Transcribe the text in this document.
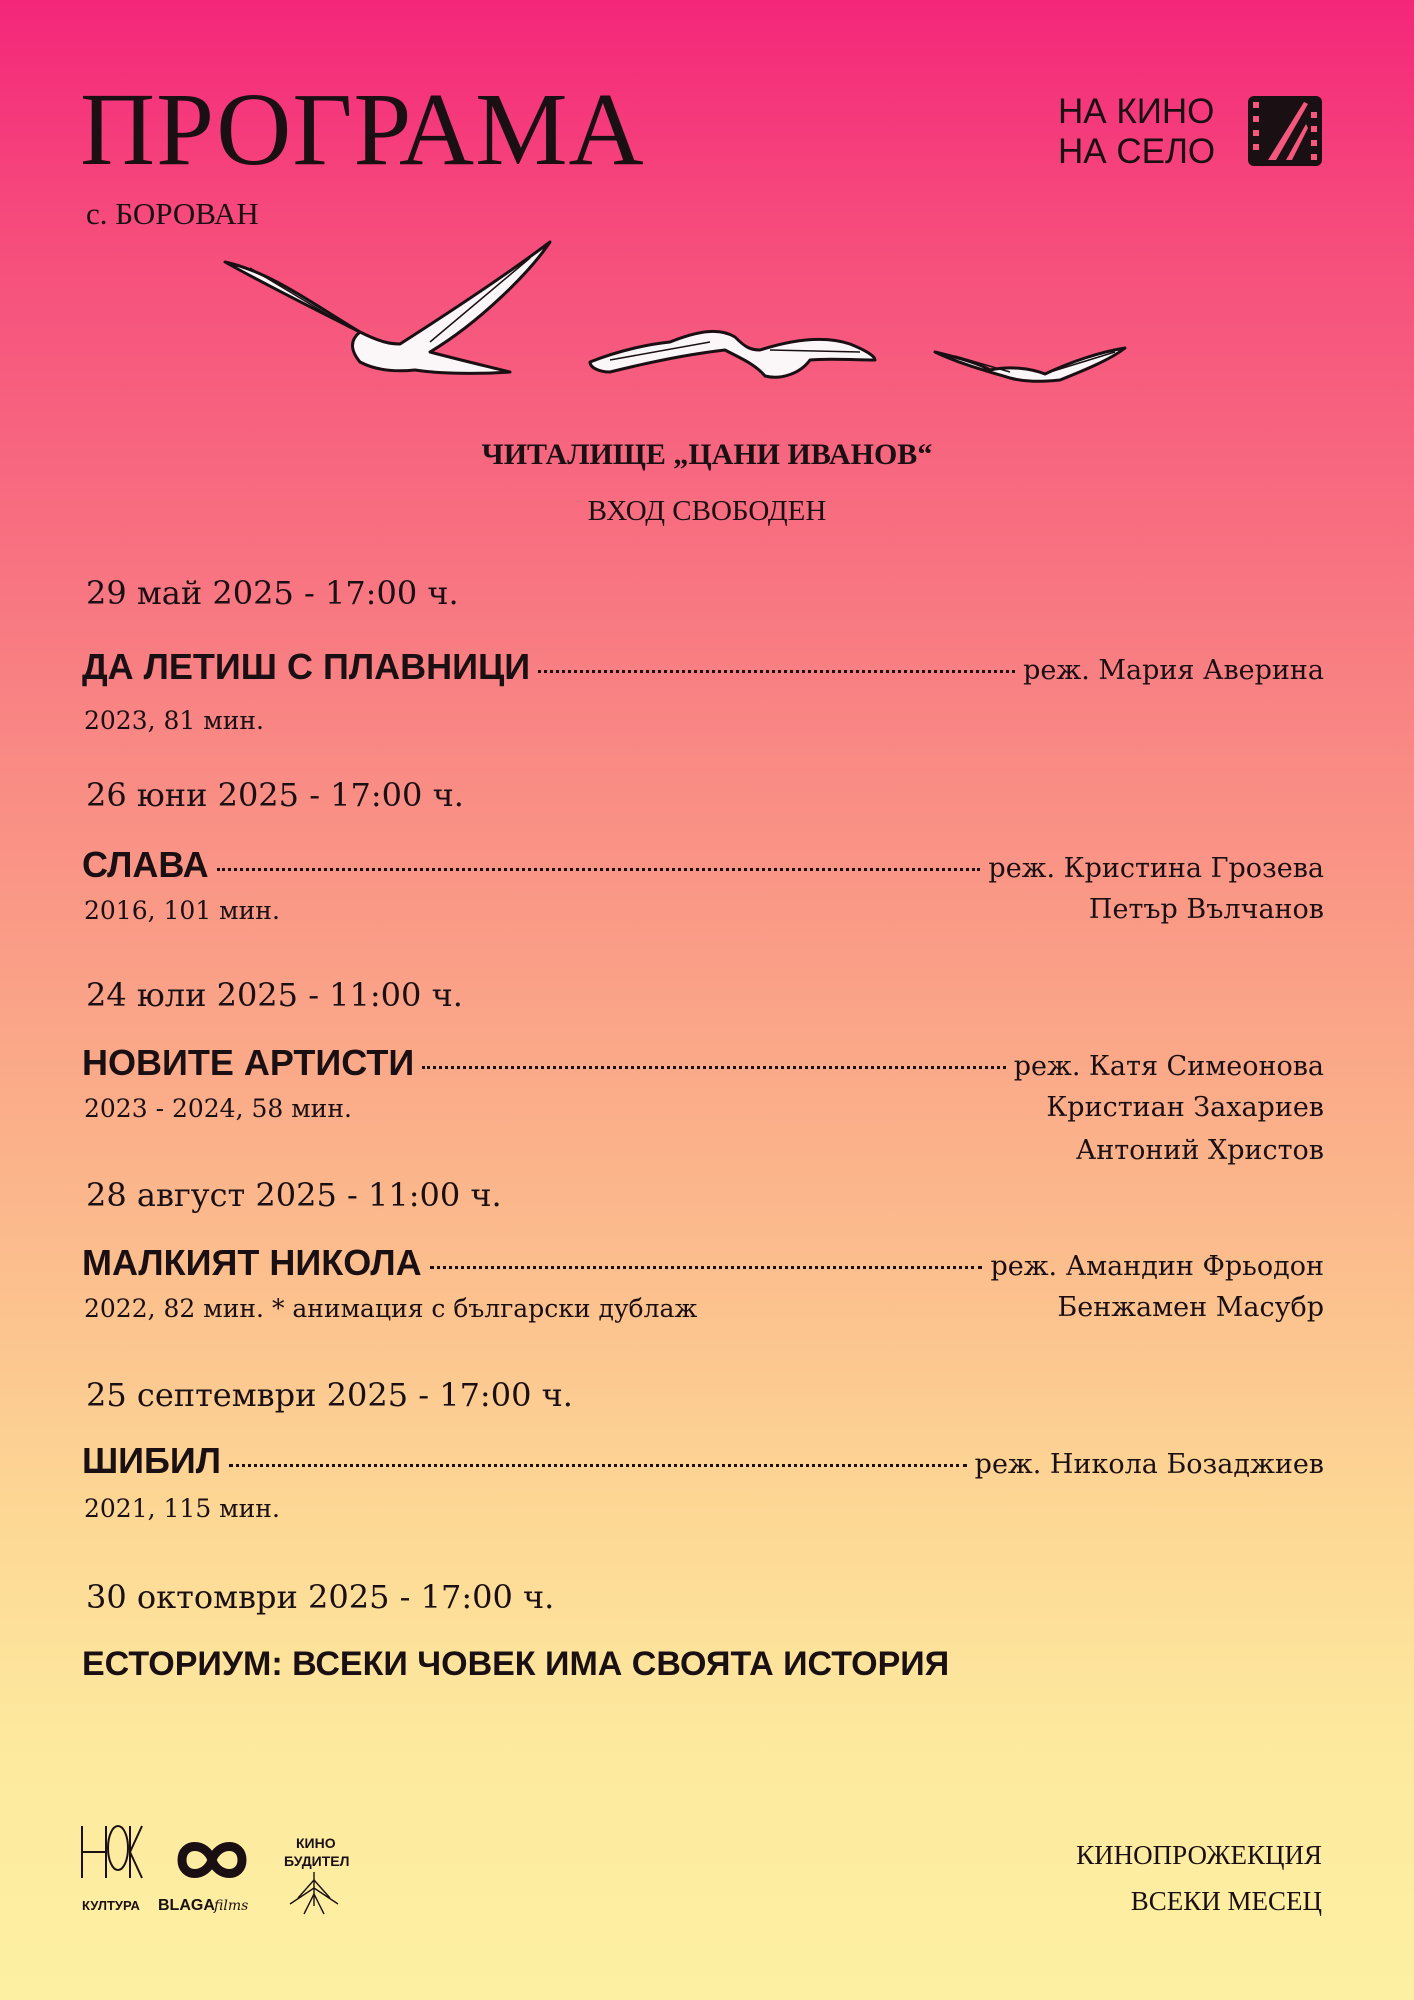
ПРОГРАМА
с. БОРОВАН
НА КИНО
НА СЕЛО
ЧИТАЛИЩЕ „ЦАНИ ИВАНОВ“
ВХОД СВОБОДЕН
29 май 2025 - 17:00 ч.
ДА ЛЕТИШ С ПЛАВНИЦИ	реж. Мария Аверина
2023, 81 мин.
26 юни 2025 - 17:00 ч.
СЛАВА	реж. Кристина Грозева
2016, 101 мин.	Петър Вълчанов
24 юли 2025 - 11:00 ч.
НОВИТЕ АРТИСТИ	реж. Катя Симеонова
2023 - 2024, 58 мин.	Кристиан Захариев
Антоний Христов
28 август 2025 - 11:00 ч.
МАЛКИЯТ НИКОЛА	реж. Амандин Фрьодон
2022, 82 мин. * анимация с български дублаж	Бенжамен Масубр
25 септември 2025 - 17:00 ч.
ШИБИЛ	реж. Никола Бозаджиев
2021, 115 мин.
30 октомври 2025 - 17:00 ч.
ЕСТОРИУМ: ВСЕКИ ЧОВЕК ИМА СВОЯТА ИСТОРИЯ
КУЛТУРА BLAGA films
КИНО
БУДИТЕЛ	КИНОПРОЖЕКЦИЯ
ВСЕКИ МЕСЕЦ
